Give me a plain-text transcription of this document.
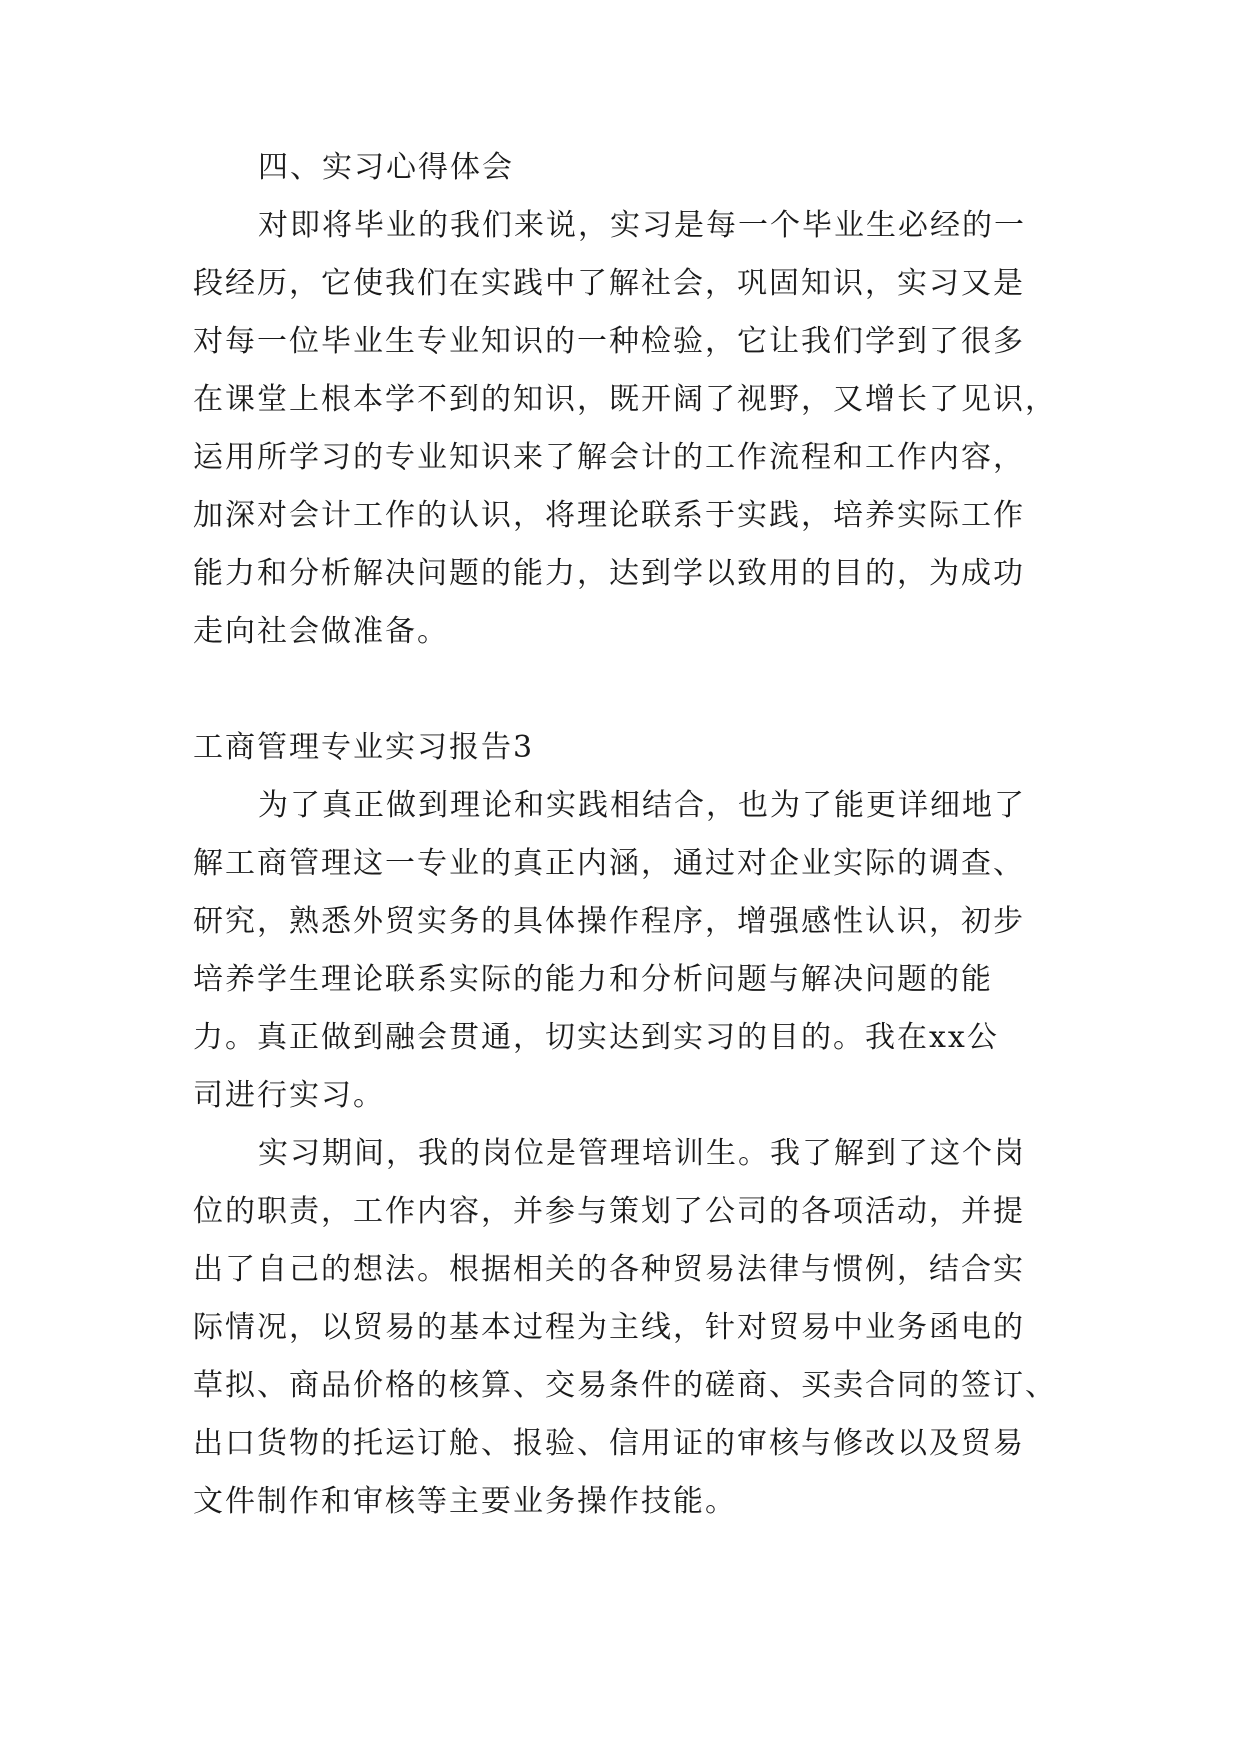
四、实习心得体会
对即将毕业的我们来说，实习是每一个毕业生必经的一
段经历，它使我们在实践中了解社会，巩固知识，实习又是
对每一位毕业生专业知识的一种检验，它让我们学到了很多
在课堂上根本学不到的知识，既开阔了视野，又增长了见识，
运用所学习的专业知识来了解会计的工作流程和工作内容，
加深对会计工作的认识，将理论联系于实践，培养实际工作
能力和分析解决问题的能力，达到学以致用的目的，为成功
走向社会做准备。
工商管理专业实习报告3
为了真正做到理论和实践相结合，也为了能更详细地了
解工商管理这一专业的真正内涵，通过对企业实际的调查、
研究，熟悉外贸实务的具体操作程序，增强感性认识，初步
培养学生理论联系实际的能力和分析问题与解决问题的能
力。真正做到融会贯通，切实达到实习的目的。我在xx公
司进行实习。
实习期间，我的岗位是管理培训生。我了解到了这个岗
位的职责，工作内容，并参与策划了公司的各项活动，并提
出了自己的想法。根据相关的各种贸易法律与惯例，结合实
际情况，以贸易的基本过程为主线，针对贸易中业务函电的
草拟、商品价格的核算、交易条件的磋商、买卖合同的签订、
出口货物的托运订舱、报验、信用证的审核与修改以及贸易
文件制作和审核等主要业务操作技能。
